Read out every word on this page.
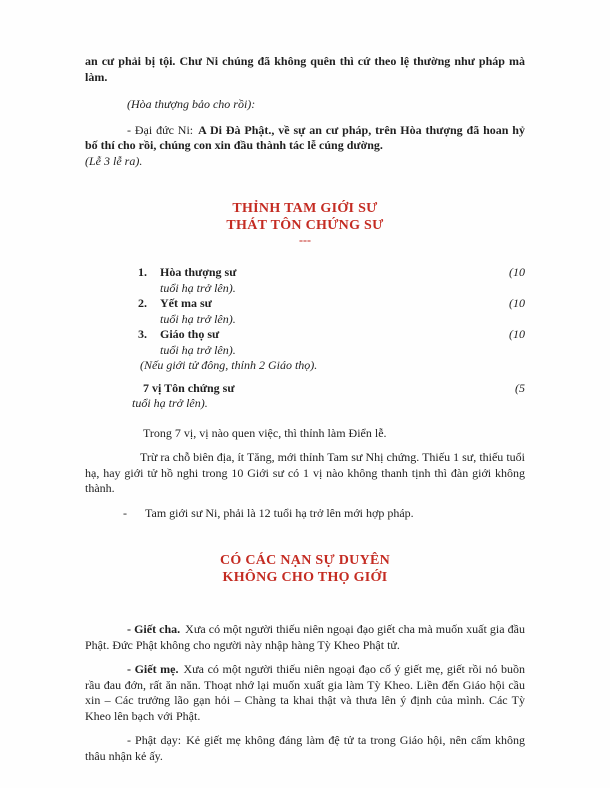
an cư phải bị tội. Chư Ni chúng đã không quên thì cứ theo lệ thường như pháp mà làm.

(Hòa thượng bảo cho rồi):

- Đại đức Ni: A Di Đà Phật., về sự an cư pháp, trên Hòa thượng đã hoan hỷ bố thí cho rồi, chúng con xin đầu thành tác lễ cúng dường.

(Lễ 3 lễ ra).

THỈNH TAM GIỚI SƯ
THÁT TÔN CHỨNG SƯ
---
1.	Hòa thượng sư	(10
tuổi hạ trở lên).
2.	Yết ma sư	(10
tuổi hạ trở lên).
3.	Giáo thọ sư	(10
tuổi hạ trở lên).
(Nếu giới tử đông, thỉnh 2 Giáo thọ).
7 vị Tôn chứng sư	(5
tuổi hạ trở lên).

Trong 7 vị, vị nào quen việc, thì thỉnh làm Điển lễ.

Trừ ra chỗ biên địa, ít Tăng, mới thỉnh Tam sư Nhị chứng. Thiếu 1 sư, thiếu tuổi hạ, hay giới tử hồ nghi trong 10 Giới sư có 1 vị nào không thanh tịnh thì đàn giới không thành.

- Tam giới sư Ni, phải là 12 tuổi hạ trở lên mới hợp pháp.

CÓ CÁC NẠN SỰ DUYÊN
KHÔNG CHO THỌ GIỚI

- Giết cha. Xưa có một người thiếu niên ngoại đạo giết cha mà muốn xuất gia đầu Phật. Đức Phật không cho người này nhập hàng Tỳ Kheo Phật tử.

- Giết mẹ. Xưa có một người thiếu niên ngoại đạo cố ý giết mẹ, giết rồi nó buồn rầu đau đớn, rất ăn năn. Thoạt nhớ lại muốn xuất gia làm Tỳ Kheo. Liền đến Giáo hội cầu xin – Các trưởng lão gạn hỏi – Chàng ta khai thật và thưa lên ý định của mình. Các Tỳ Kheo lên bạch với Phật.

- Phật dạy: Kẻ giết mẹ không đáng làm đệ tử ta trong Giáo hội, nên cấm không thâu nhận kẻ ấy.
